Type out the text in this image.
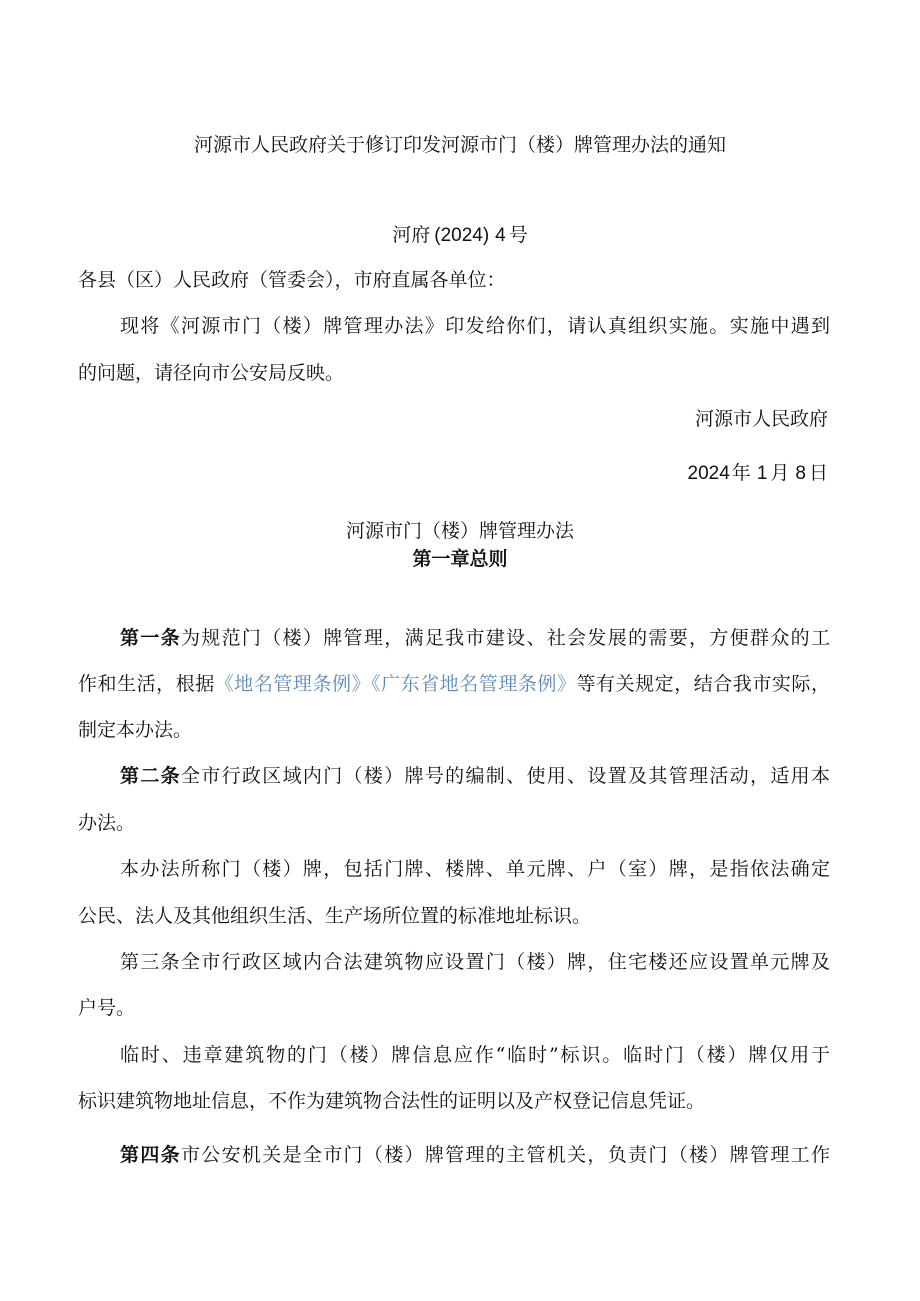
河源市人民政府关于修订印发河源市门（楼）牌管理办法的通知
河府 (2024) 4 号
各县（区）人民政府（管委会），市府直属各单位：
现将《河源市门（楼）牌管理办法》印发给你们，请认真组织实施。实施中遇到
的问题，请径向市公安局反映。
河源市人民政府
2024 年 1 月 8 日
河源市门（楼）牌管理办法
第一章总则
第一条为规范门（楼）牌管理，满足我市建设、社会发展的需要，方便群众的工
作和生活，根据《地名管理条例》《广东省地名管理条例》等有关规定，结合我市实际，
制定本办法。
第二条全市行政区域内门（楼）牌号的编制、使用、设置及其管理活动，适用本
办法。
本办法所称门（楼）牌，包括门牌、楼牌、单元牌、户（室）牌，是指依法确定
公民、法人及其他组织生活、生产场所位置的标准地址标识。
第三条全市行政区域内合法建筑物应设置门（楼）牌，住宅楼还应设置单元牌及
户号。
临时、违章建筑物的门（楼）牌信息应作“临时”标识。临时门（楼）牌仅用于
标识建筑物地址信息，不作为建筑物合法性的证明以及产权登记信息凭证。
第四条市公安机关是全市门（楼）牌管理的主管机关，负责门（楼）牌管理工作
